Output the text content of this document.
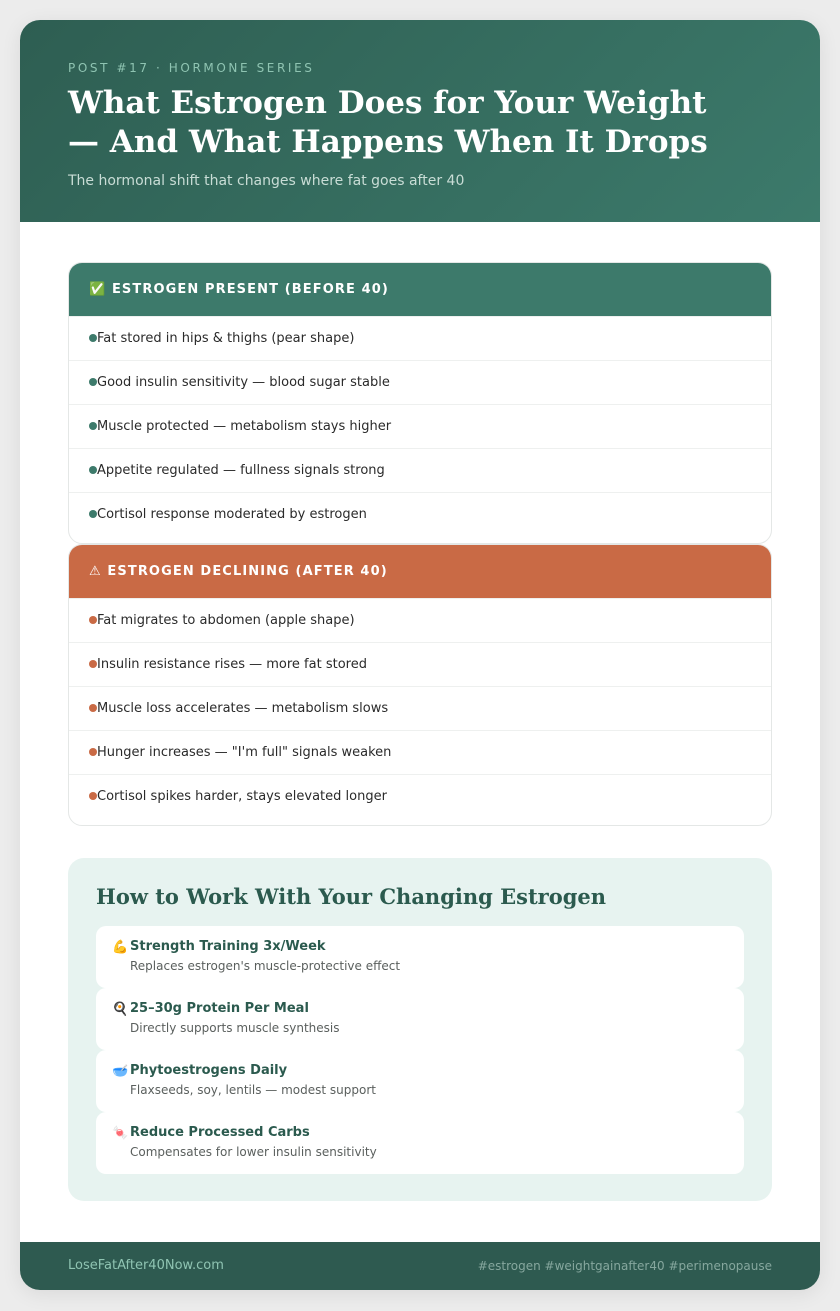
POST #17 · HORMONE SERIES
What Estrogen Does for Your Weight — And What Happens When It Drops
The hormonal shift that changes where fat goes after 40
✅ ESTROGEN PRESENT (BEFORE 40)
Fat stored in hips & thighs (pear shape)
Good insulin sensitivity — blood sugar stable
Muscle protected — metabolism stays higher
Appetite regulated — fullness signals strong
Cortisol response moderated by estrogen
⚠ ESTROGEN DECLINING (AFTER 40)
Fat migrates to abdomen (apple shape)
Insulin resistance rises — more fat stored
Muscle loss accelerates — metabolism slows
Hunger increases — "I'm full" signals weaken
Cortisol spikes harder, stays elevated longer
How to Work With Your Changing Estrogen
💪 Strength Training 3x/Week
Replaces estrogen's muscle-protective effect
🍳 25–30g Protein Per Meal
Directly supports muscle synthesis
🥣 Phytoestrogens Daily
Flaxseeds, soy, lentils — modest support
🍬 Reduce Processed Carbs
Compensates for lower insulin sensitivity
LoseFatAfter40Now.com	#estrogen #weightgainafter40 #perimenopause
